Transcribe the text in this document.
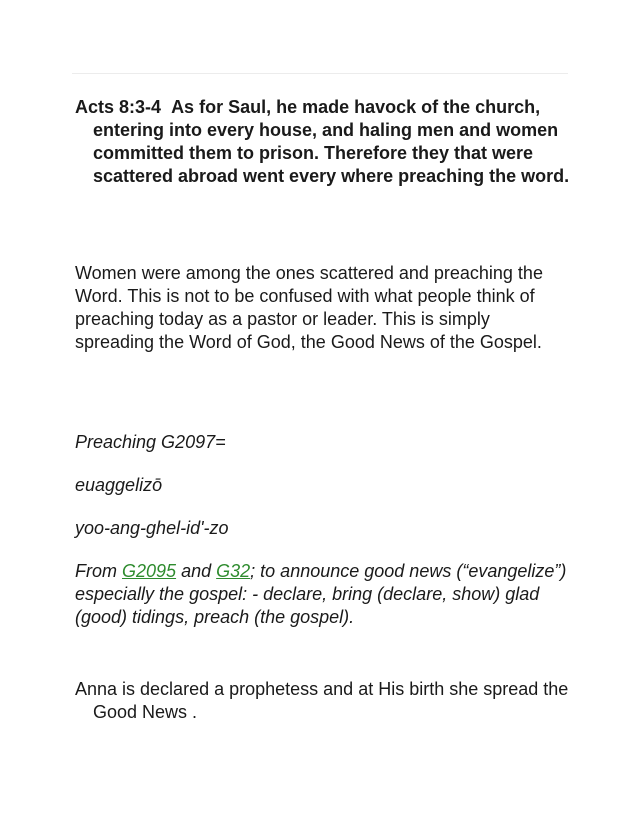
Acts 8:3-4 As for Saul, he made havock of the church, entering into every house, and haling men and women committed them to prison. Therefore they that were scattered abroad went every where preaching the word.

Women were among the ones scattered and preaching the Word. This is not to be confused with what people think of preaching today as a pastor or leader. This is simply spreading the Word of God, the Good News of the Gospel.

Preaching G2097=

euaggelizō

yoo-ang-ghel-id'-zo

From G2095 and G32; to announce good news (“evangelize”) especially the gospel: - declare, bring (declare, show) glad (good) tidings, preach (the gospel).

Anna is declared a prophetess and at His birth she spread the Good News .
